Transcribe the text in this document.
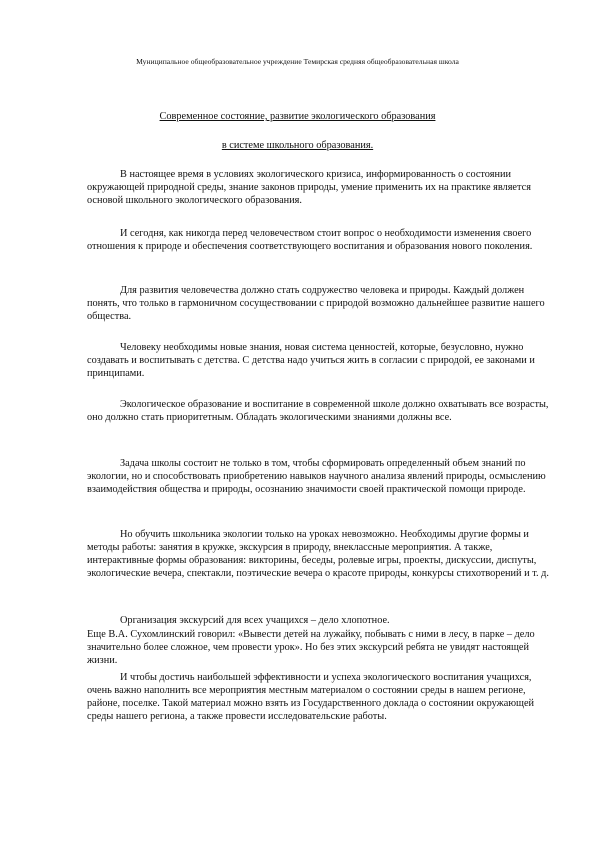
Муниципальное общеобразовательное учреждение Темирская средняя общеобразовательная школа
Современное состояние, развитие экологического образования
в системе школьного образования.

В настоящее время в условиях экологического кризиса, информированность о состоянии окружающей природной среды, знание законов природы, умение применить их на практике является основой школьного экологического образования.

И сегодня, как никогда перед человечеством стоит вопрос о необходимости изменения своего отношения к природе и обеспечения соответствующего воспитания и образования нового поколения.

Для развития человечества должно стать содружество человека и природы. Каждый должен понять, что только в гармоничном сосуществовании с природой возможно дальнейшее развитие нашего общества.

Человеку необходимы новые знания, новая система ценностей, которые, безусловно, нужно создавать и воспитывать с детства. С детства надо учиться жить в согласии с природой, ее законами и принципами.

Экологическое образование и воспитание в современной школе должно охватывать все возрасты, оно должно стать приоритетным. Обладать экологическими знаниями должны все.

Задача школы состоит не только в том, чтобы сформировать определенный объем знаний по экологии, но и способствовать приобретению навыков научного анализа явлений природы, осмыслению взаимодействия общества и природы, осознанию значимости своей практической помощи природе.

Но обучить школьника экологии только на уроках невозможно. Необходимы другие формы и методы работы: занятия в кружке, экскурсия в природу, внеклассные мероприятия. А также, интерактивные формы образования: викторины, беседы, ролевые игры, проекты, дискуссии, диспуты, экологические вечера, спектакли, поэтические вечера о красоте природы, конкурсы стихотворений и т. д.

Организация экскурсий для всех учащихся – дело хлопотное.

Еще В.А. Сухомлинский говорил: «Вывести детей на лужайку, побывать с ними в лесу, в парке – дело значительно более сложное, чем провести урок». Но без этих экскурсий ребята не увидят настоящей жизни.

И чтобы достичь наибольшей эффективности и успеха экологического воспитания учащихся, очень важно наполнить все мероприятия местным материалом о состоянии среды в нашем регионе, районе, поселке. Такой материал можно взять из Государственного доклада о состоянии окружающей среды нашего региона, а также провести исследовательские работы.
